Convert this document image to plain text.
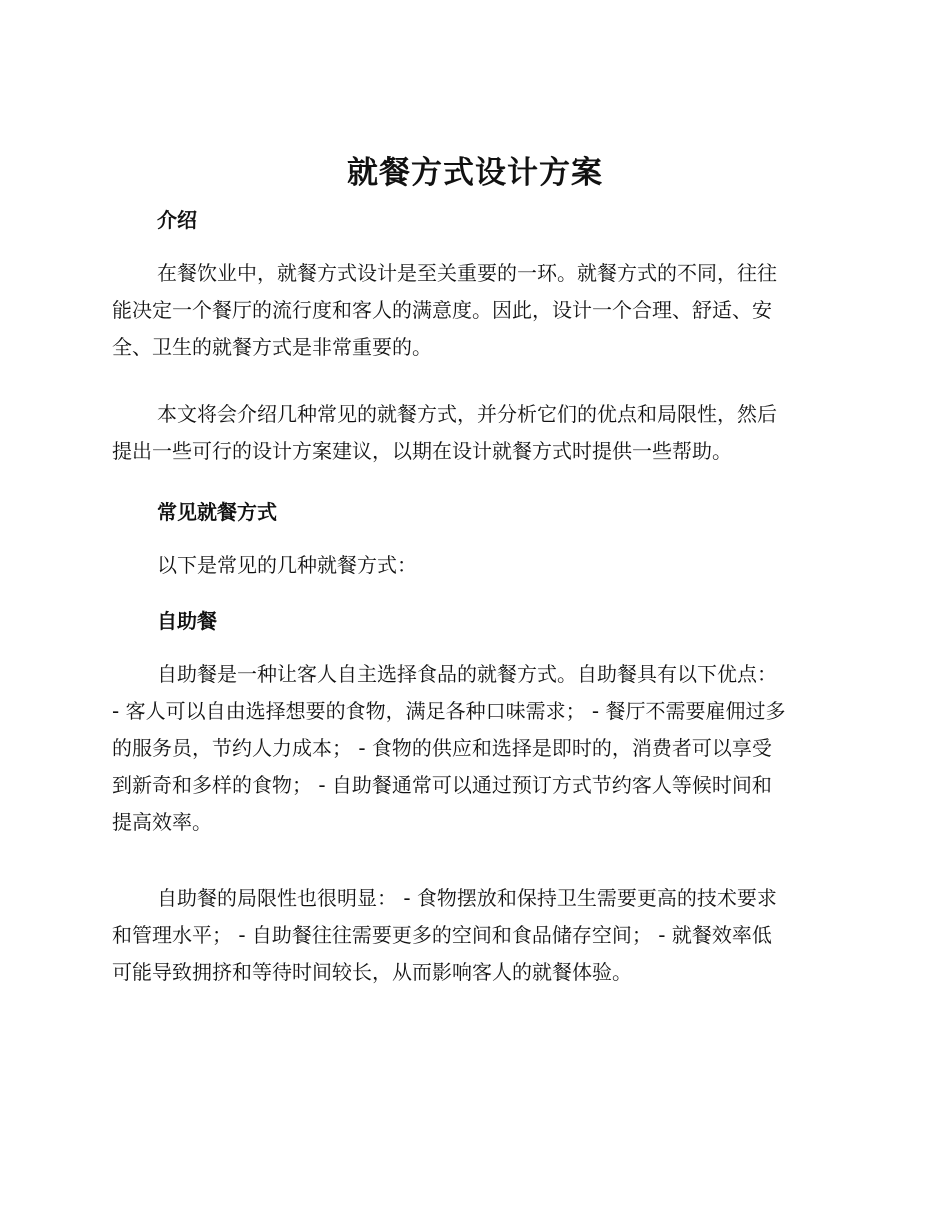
就餐方式设计方案
介绍
在餐饮业中，就餐方式设计是至关重要的一环。就餐方式的不同，往往
能决定一个餐厅的流行度和客人的满意度。因此，设计一个合理、舒适、安
全、卫生的就餐方式是非常重要的。
本文将会介绍几种常见的就餐方式，并分析它们的优点和局限性，然后
提出一些可行的设计方案建议，以期在设计就餐方式时提供一些帮助。
常见就餐方式
以下是常见的几种就餐方式：
自助餐
自助餐是一种让客人自主选择食品的就餐方式。自助餐具有以下优点：
- 客人可以自由选择想要的食物，满足各种口味需求； - 餐厅不需要雇佣过多
的服务员，节约人力成本； - 食物的供应和选择是即时的，消费者可以享受
到新奇和多样的食物； - 自助餐通常可以通过预订方式节约客人等候时间和
提高效率。
自助餐的局限性也很明显： - 食物摆放和保持卫生需要更高的技术要求
和管理水平； - 自助餐往往需要更多的空间和食品储存空间； - 就餐效率低
可能导致拥挤和等待时间较长，从而影响客人的就餐体验。
